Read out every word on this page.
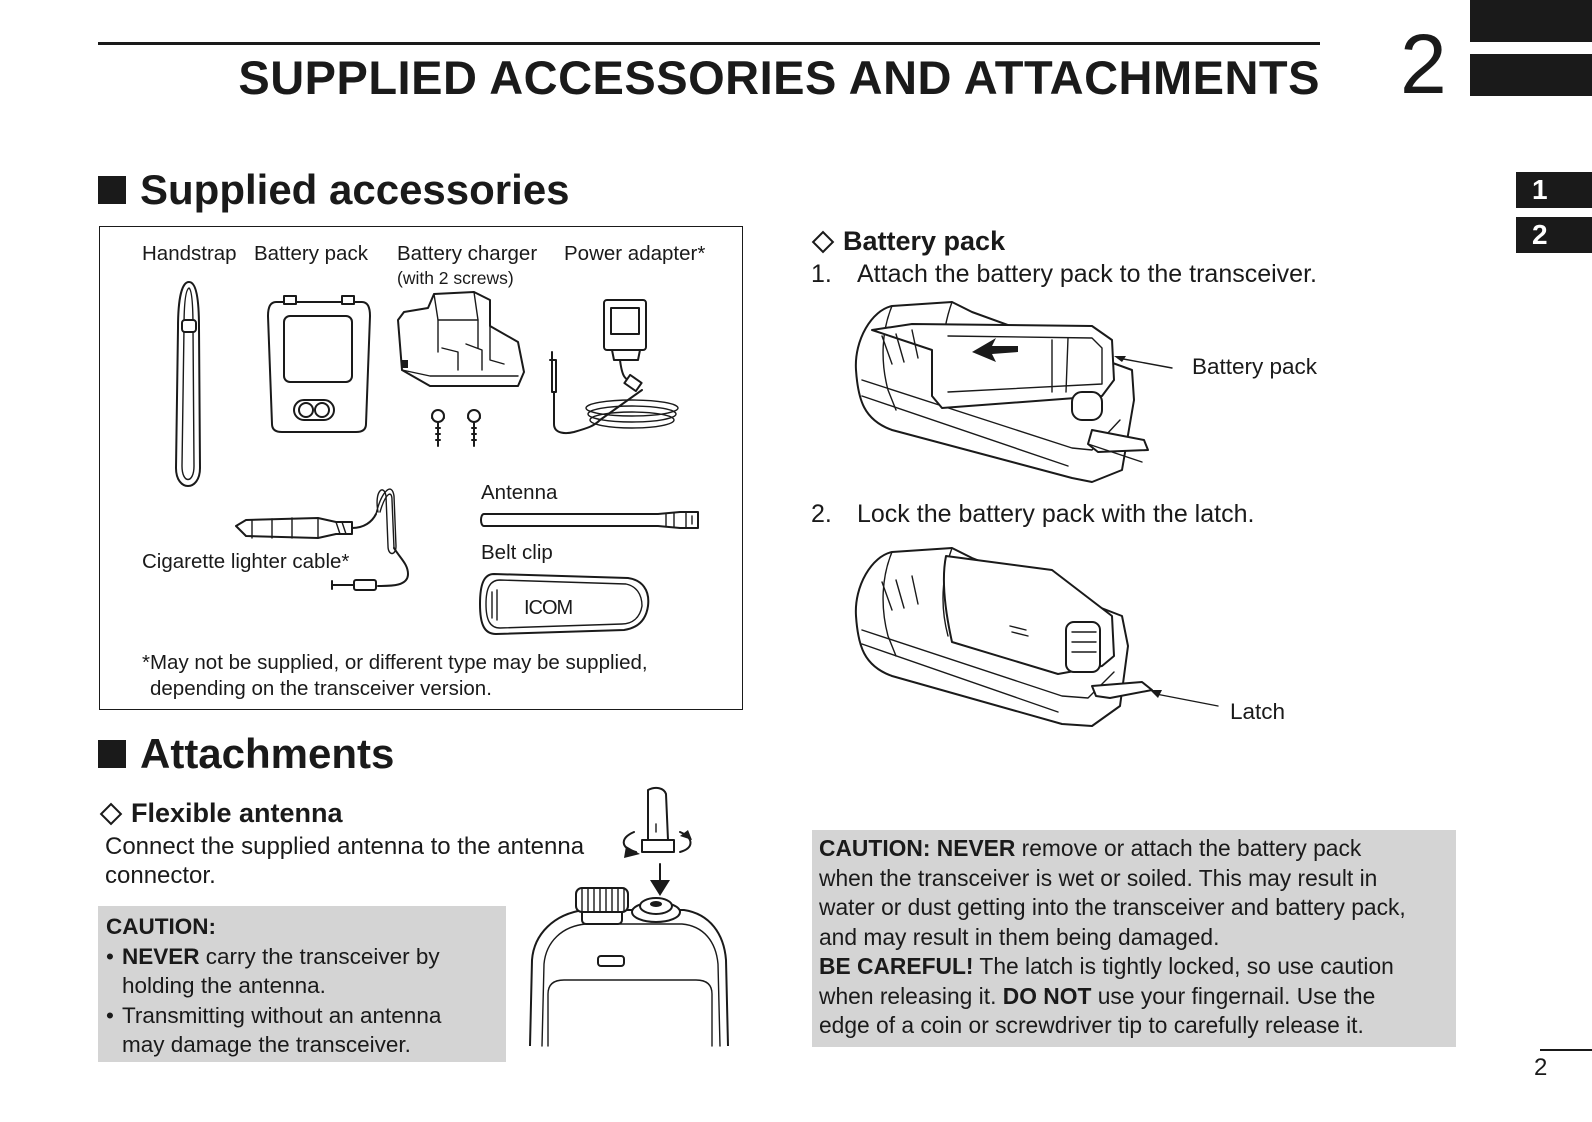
SUPPLIED ACCESSORIES AND ATTACHMENTS 2
1
2
Supplied accessories
Handstrap Battery pack Battery charger
(with 2 screws)
Power adapter*
Cigarette lighter cable*
Antenna
Belt clip
ICOM
*May not be supplied, or different type may be supplied,
depending on the transceiver version.
Attachments
Flexible antenna
Connect the supplied antenna to the antenna
connector.
CAUTION:
• NEVER carry the transceiver by
holding the antenna.
• Transmitting without an antenna
may damage the transceiver.
Battery pack
1.	Attach the battery pack to the transceiver.
Battery pack
2.	Lock the battery pack with the latch.
Latch
CAUTION: NEVER remove or attach the battery pack
when the transceiver is wet or soiled. This may result in
water or dust getting into the transceiver and battery pack,
and may result in them being damaged.
BE CAREFUL! The latch is tightly locked, so use caution
when releasing it. DO NOT use your fingernail. Use the
edge of a coin or screwdriver tip to carefully release it.
2
